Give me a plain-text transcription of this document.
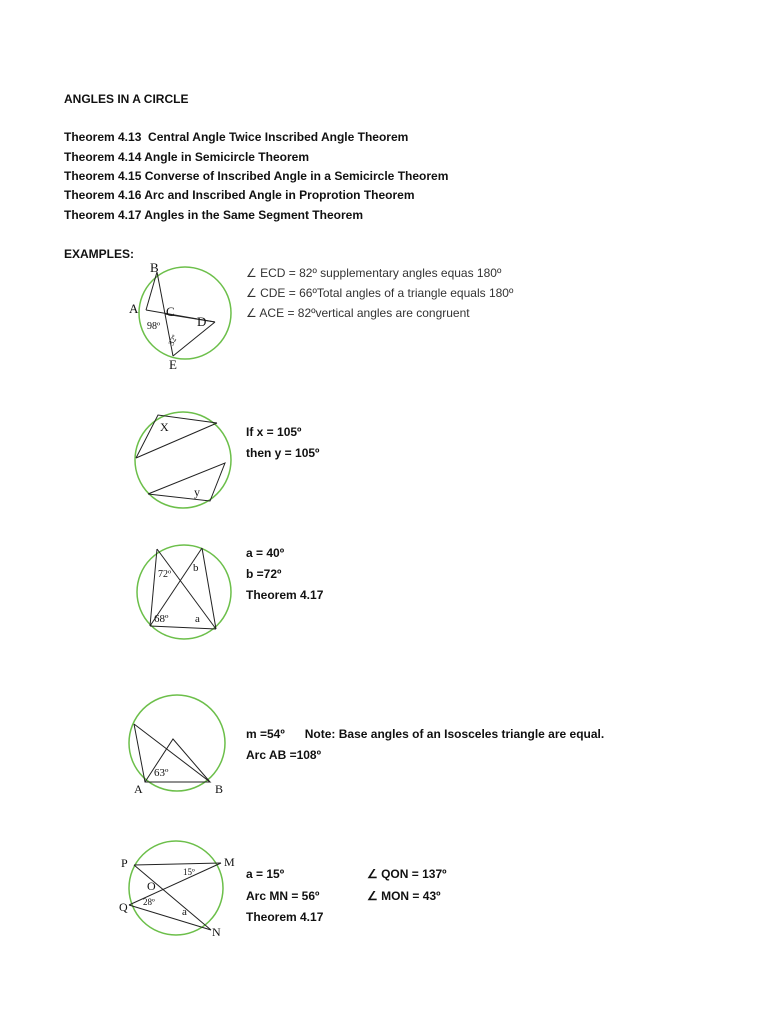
ANGLES IN A CIRCLE
Theorem 4.13 Central Angle Twice Inscribed Angle Theorem
Theorem 4.14 Angle in Semicircle Theorem
Theorem 4.15 Converse of Inscribed Angle in a Semicircle Theorem
Theorem 4.16 Arc and Inscribed Angle in Proprotion Theorem
Theorem 4.17 Angles in the Same Segment Theorem
EXAMPLES:
B
A C
D
E
98º
32º
∠ ECD = 82º supplementary angles equas 180º
∠ CDE = 66ºTotal angles of a triangle equals 180º
∠ ACE = 82ºvertical angles are congruent
X
y
If x = 105º
then y = 105º
72º
b
68º a
a = 40º
b =72º
Theorem 4.17
63º
A	B
m =54º Note: Base angles of an Isosceles triangle are equal.
Arc AB =108º
P	M
O
Q
N
15º
28º
a
a = 15º
Arc MN = 56º
Theorem 4.17
∠ QON = 137º
∠ MON = 43º
